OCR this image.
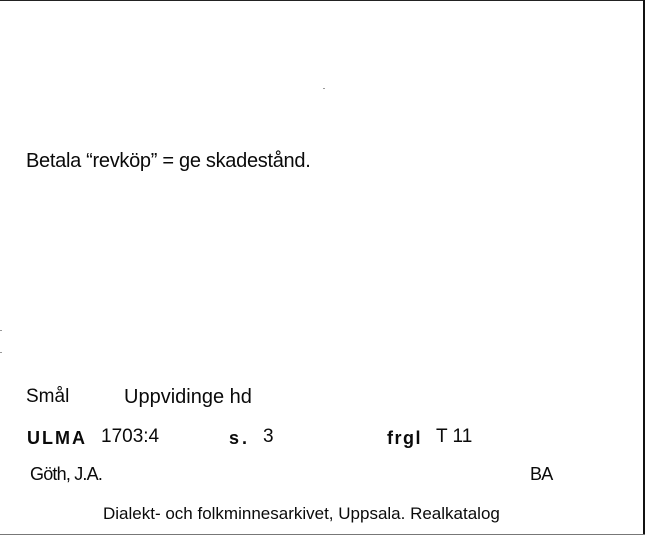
Betala “revköp” = ge skadestånd.
Smål	Uppvidinge hd
ULMA 1703:4	s. 3	frgl T 11
Göth, J.A.	BA
Dialekt- och folkminnesarkivet, Uppsala. Realkatalog
